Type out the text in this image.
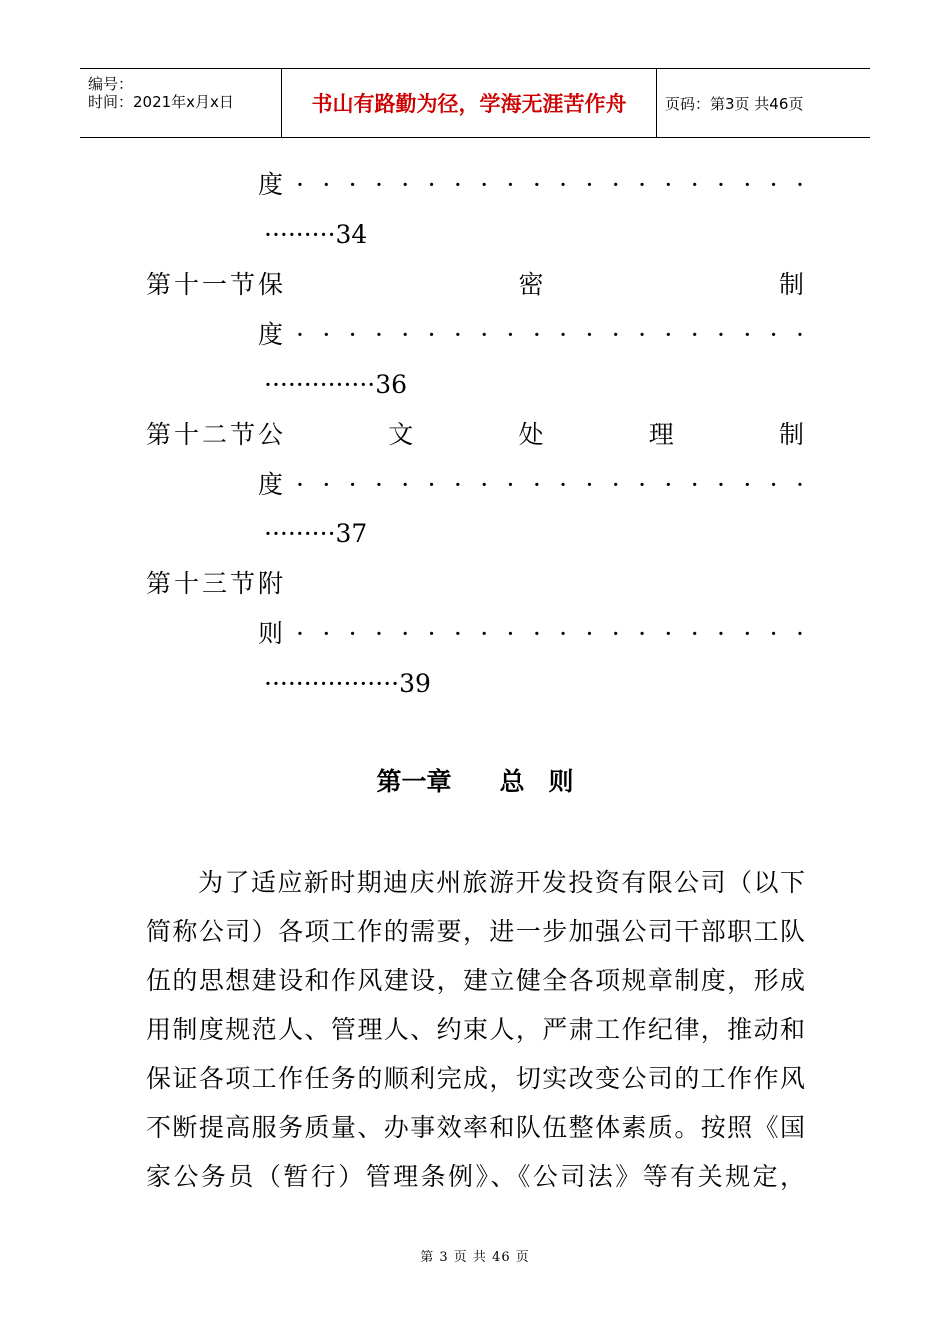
编号：
时间：2021年x月x日	书山有路勤为径，学海无涯苦作舟	页码：第3页 共46页
度 · · · · · · · · · · · · · · · · · · · ·
·········34
第十一节 保	密	制
度 · · · · · · · · · · · · · · · · · · · ·
··············36
第十二节 公	文	处	理	制
度 · · · · · · · · · · · · · · · · · · · ·
·········37
第十三节 附
则 · · · · · · · · · · · · · · · · · · · ·
·················39
第一章 总 则
为了适应新时期迪庆州旅游开发投资有限公司（以下
简称公司）各项工作的需要，进一步加强公司干部职工队
伍的思想建设和作风建设，建立健全各项规章制度，形成
用制度规范人、管理人、约束人，严肃工作纪律，推动和
保证各项工作任务的顺利完成，切实改变公司的工作作风
不断提高服务质量、办事效率和队伍整体素质。按照《国
家公务员（暂行）管理条例》、《公司法》等有关规定，
第 3 页 共 46 页
